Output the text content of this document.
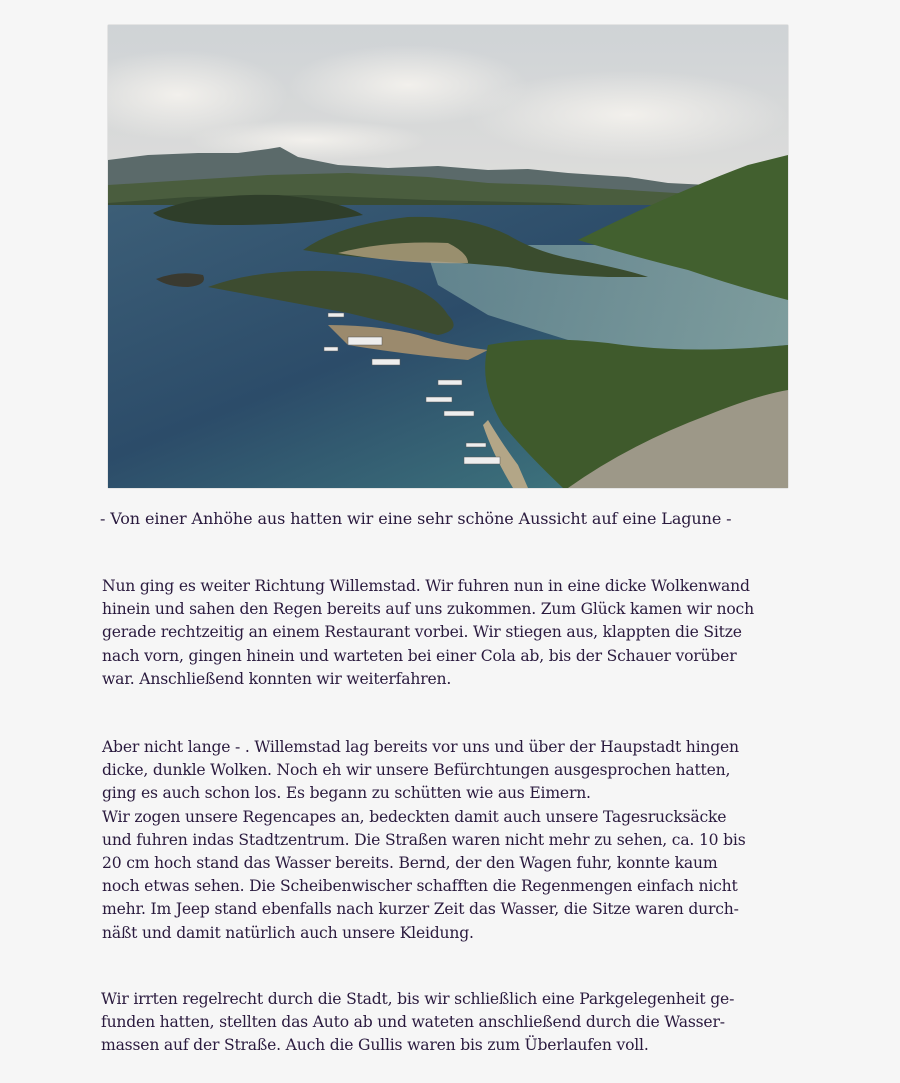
- Von einer Anhöhe aus hatten wir eine sehr schöne Aussicht auf eine Lagune -

Nun ging es weiter Richtung Willemstad. Wir fuhren nun in eine dicke Wolkenwand

hinein und sahen den Regen bereits auf uns zukommen. Zum Glück kamen wir noch

gerade rechtzeitig an einem Restaurant vorbei. Wir stiegen aus, klappten die Sitze

nach vorn, gingen hinein und warteten bei einer Cola ab, bis der Schauer vorüber

war. Anschließend konnten wir weiterfahren.

Aber nicht lange - . Willemstad lag bereits vor uns und über der Haupstadt hingen

dicke, dunkle Wolken. Noch eh wir unsere Befürchtungen ausgesprochen hatten,

ging es auch schon los. Es begann zu schütten wie aus Eimern.

Wir zogen unsere Regencapes an, bedeckten damit auch unsere Tagesrucksäcke

und fuhren indas Stadtzentrum. Die Straßen waren nicht mehr zu sehen, ca. 10 bis

20 cm hoch stand das Wasser bereits. Bernd, der den Wagen fuhr, konnte kaum

noch etwas sehen. Die Scheibenwischer schafften die Regenmengen einfach nicht

mehr. Im Jeep stand ebenfalls nach kurzer Zeit das Wasser, die Sitze waren durch-

näßt und damit natürlich auch unsere Kleidung.

Wir irrten regelrecht durch die Stadt, bis wir schließlich eine Parkgelegenheit ge-

funden hatten, stellten das Auto ab und wateten anschließend durch die Wasser-

massen auf der Straße. Auch die Gullis waren bis zum Überlaufen voll.
